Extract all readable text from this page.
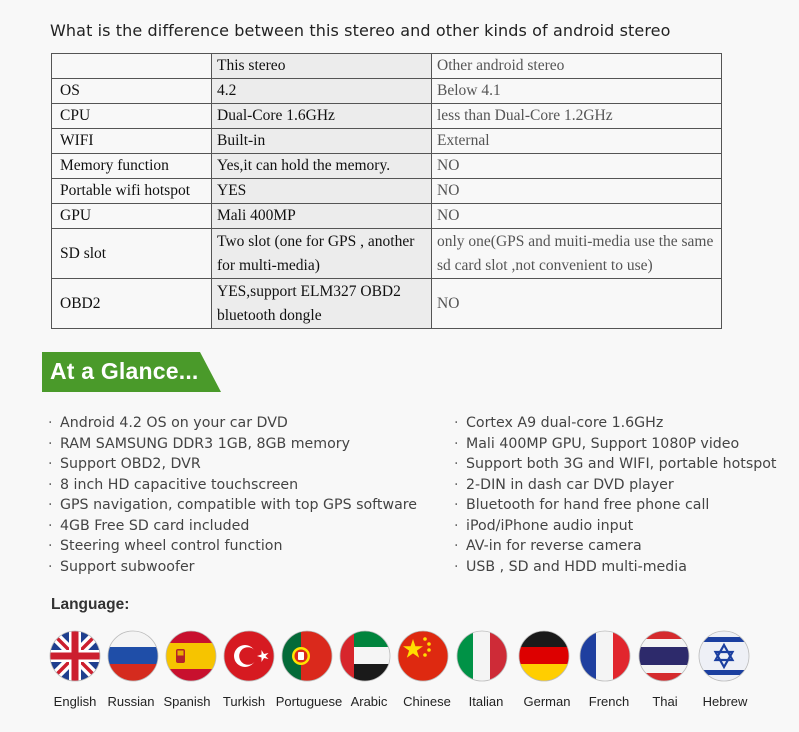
What is the difference between this stereo and other kinds of android stereo
	This stereo	Other android stereo
OS	4.2	Below 4.1
CPU	Dual-Core 1.6GHz	less than Dual-Core 1.2GHz
WIFI	Built-in	External
Memory function	Yes,it can hold the memory.	NO
Portable wifi hotspot	YES	NO
GPU	Mali 400MP	NO
SD slot	Two slot (one for GPS , another for multi-media)	only one(GPS and muiti-media use the same sd card slot ,not convenient to use)
OBD2	YES,support ELM327 OBD2 bluetooth dongle	NO
At a Glance...
· Android 4.2 OS on your car DVD
· RAM SAMSUNG DDR3 1GB, 8GB memory
· Support OBD2, DVR
· 8 inch HD capacitive touchscreen
· GPS navigation, compatible with top GPS software
· 4GB Free SD card included
· Steering wheel control function
· Support subwoofer
· Cortex A9 dual-core 1.6GHz
· Mali 400MP GPU, Support 1080P video
· Support both 3G and WIFI, portable hotspot
· 2-DIN in dash car DVD player
· Bluetooth for hand free phone call
· iPod/iPhone audio input
· AV-in for reverse camera
· USB , SD and HDD multi-media
Language:
English Russian Spanish Turkish Portuguese Arabic Chinese Italian German French Thai Hebrew
